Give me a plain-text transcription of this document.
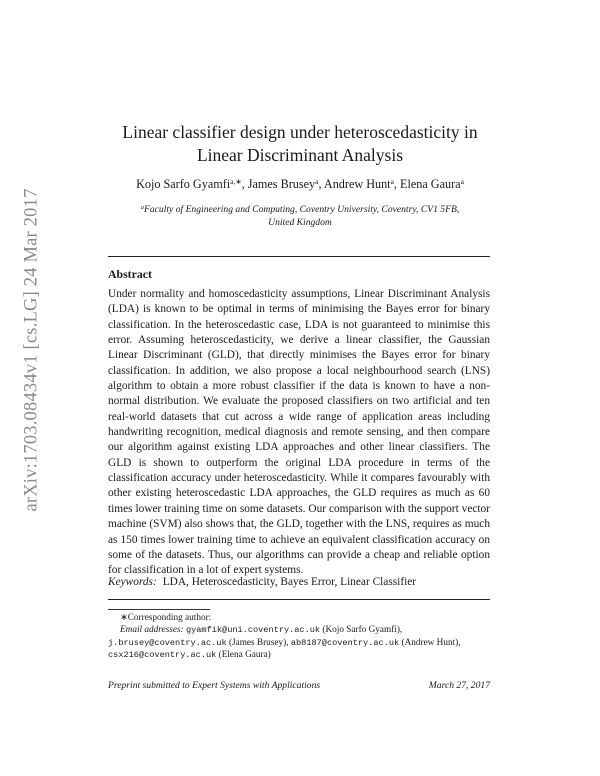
arXiv:1703.08434v1 [cs.LG] 24 Mar 2017
Linear classifier design under heteroscedasticity in
Linear Discriminant Analysis
Kojo Sarfo Gyamfi$^{a,∗}$, James Brusey$^a$, Andrew Hunt$^a$, Elena Gaura$^a$
$^a$Faculty of Engineering and Computing, Coventry University, Coventry, CV1 5FB,
United Kingdom
Abstract
Under normality and homoscedasticity assumptions, Linear Discriminant Analysis (LDA) is known to be optimal in terms of minimising the Bayes error for binary classification. In the heteroscedastic case, LDA is not guaranteed to minimise this error. Assuming heteroscedasticity, we derive a linear classifier, the Gaussian Linear Discriminant (GLD), that directly minimises the Bayes error for binary classification. In addition, we also propose a local neighbourhood search (LNS) algorithm to obtain a more robust classifier if the data is known to have a non-normal distribution. We evaluate the proposed classifiers on two artificial and ten real-world datasets that cut across a wide range of application areas including handwriting recognition, medical diagnosis and remote sensing, and then compare our algorithm against existing LDA approaches and other linear classifiers. The GLD is shown to outperform the original LDA procedure in terms of the classification accuracy under heteroscedasticity. While it compares favourably with other existing heteroscedastic LDA approaches, the GLD requires as much as 60 times lower training time on some datasets. Our comparison with the support vector machine (SVM) also shows that, the GLD, together with the LNS, requires as much as 150 times lower training time to achieve an equivalent classification accuracy on some of the datasets. Thus, our algorithms can provide a cheap and reliable option for classification in a lot of expert systems.
Keywords: LDA, Heteroscedasticity, Bayes Error, Linear Classifier
∗Corresponding author:
Email addresses: gyamfik@uni.coventry.ac.uk (Kojo Sarfo Gyamfi),
j.brusey@coventry.ac.uk (James Brusey), ab8187@coventry.ac.uk (Andrew Hunt),
csx216@coventry.ac.uk (Elena Gaura)
Preprint submitted to Expert Systems with Applications	March 27, 2017
